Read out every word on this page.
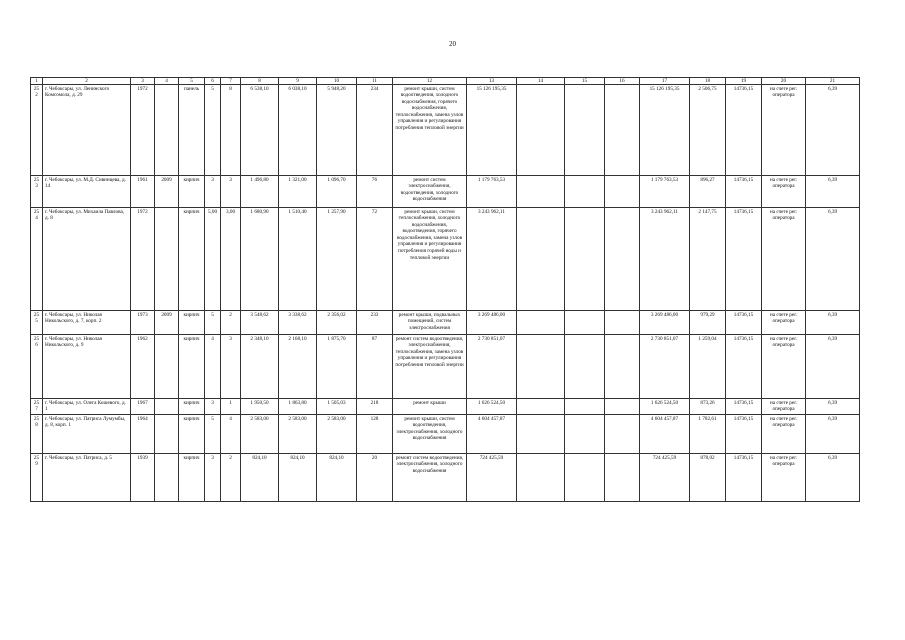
20
1	2	3	4	5	6	7	8	9	10	11	12	13	14	15	16	17	18	19	20	21
252	г. Чебоксары, ул. Ленинского Комсомола, д. 29	1972		панель	5	8	6 538,10	6 038,10	5 948,20	234	ремонт крыши, систем водоотведения, холодного водоснабжения, горячего водоснабжения, теплоснабжения, замена узлов управления и регулирования потребления тепловой энергии	15 126 195,35				15 126 195,35	2 506,75	14736,15	на счете рег. оператора	6,39
253	г. Чебоксары, ул. М.Д. Сивинцева, д. 14	1961	2009	кирпич	3	3	1 496,80	1 321,00	1 096,70	76	ремонт систем электроснабжения, водоотведения, холодного водоснабжения	1 179 763,53				1 179 763,53	896,27	14736,15	на счете рег. оператора	6,39
254	г. Чебоксары, ул. Михаила Павлова, д. 8	1972		кирпич	5,00	3,00	1 680,90	1 510,40	1 257,90	72	ремонт крыши, систем теплоснабжения, холодного водоснабжения, водоотведения, горячего водоснабжения, замена узлов управления и регулирования потребления горячей воды и тепловой энергии	3 243 962,11				3 243 962,11	2 147,75	14736,15	на счете рег. оператора	6,39
255	г. Чебоксары, ул. Николая Никольского, д. 7, корп. 2	1973	2009	кирпич	5	2	3 548,62	3 338,62	2 356,02	233	ремонт крыши, подвальных помещений, систем электроснабжения	3 269 486,00				3 269 486,00	979,29	14736,15	на счете рег. оператора	6,39
256	г. Чебоксары, ул. Николая Никольского, д. 9	1962		кирпич	4	3	2 348,10	2 168,10	1 875,70	87	ремонт систем водоотведения, электроснабжения, теплоснабжения, замена узлов управления и регулирования потребления тепловой энергии	2 730 851,07				2 730 851,07	1 259,04	14736,15	на счете рег. оператора	6,39
257	г. Чебоксары, ул. Олега Кошевого, д. 1	1967		кирпич	3	1	1 950,50	1 863,80	1 505,03	218	ремонт крыши	1 626 524,50				1 626 524,50	873,26	14736,15	на счете рег. оператора	6,39
258	г. Чебоксары, ул. Патриса Лумумбы, д. 8, корп. 1	1964		кирпич	5	4	2 583,00	2 583,00	2 583,00	128	ремонт крыши, систем водоотведения, электроснабжения, холодного водоснабжения	4 604 457,87				4 604 457,87	1 782,61	14736,15	на счете рег. оператора	6,39
259	г. Чебоксары, ул. Патриса, д. 5	1939		кирпич	3	2	824,10	824,10	824,10	20	ремонт систем водоотведения, электроснабжения, холодного водоснабжения	724 425,59				724 425,59	878,02	14736,15	на счете рег. оператора	6,39
